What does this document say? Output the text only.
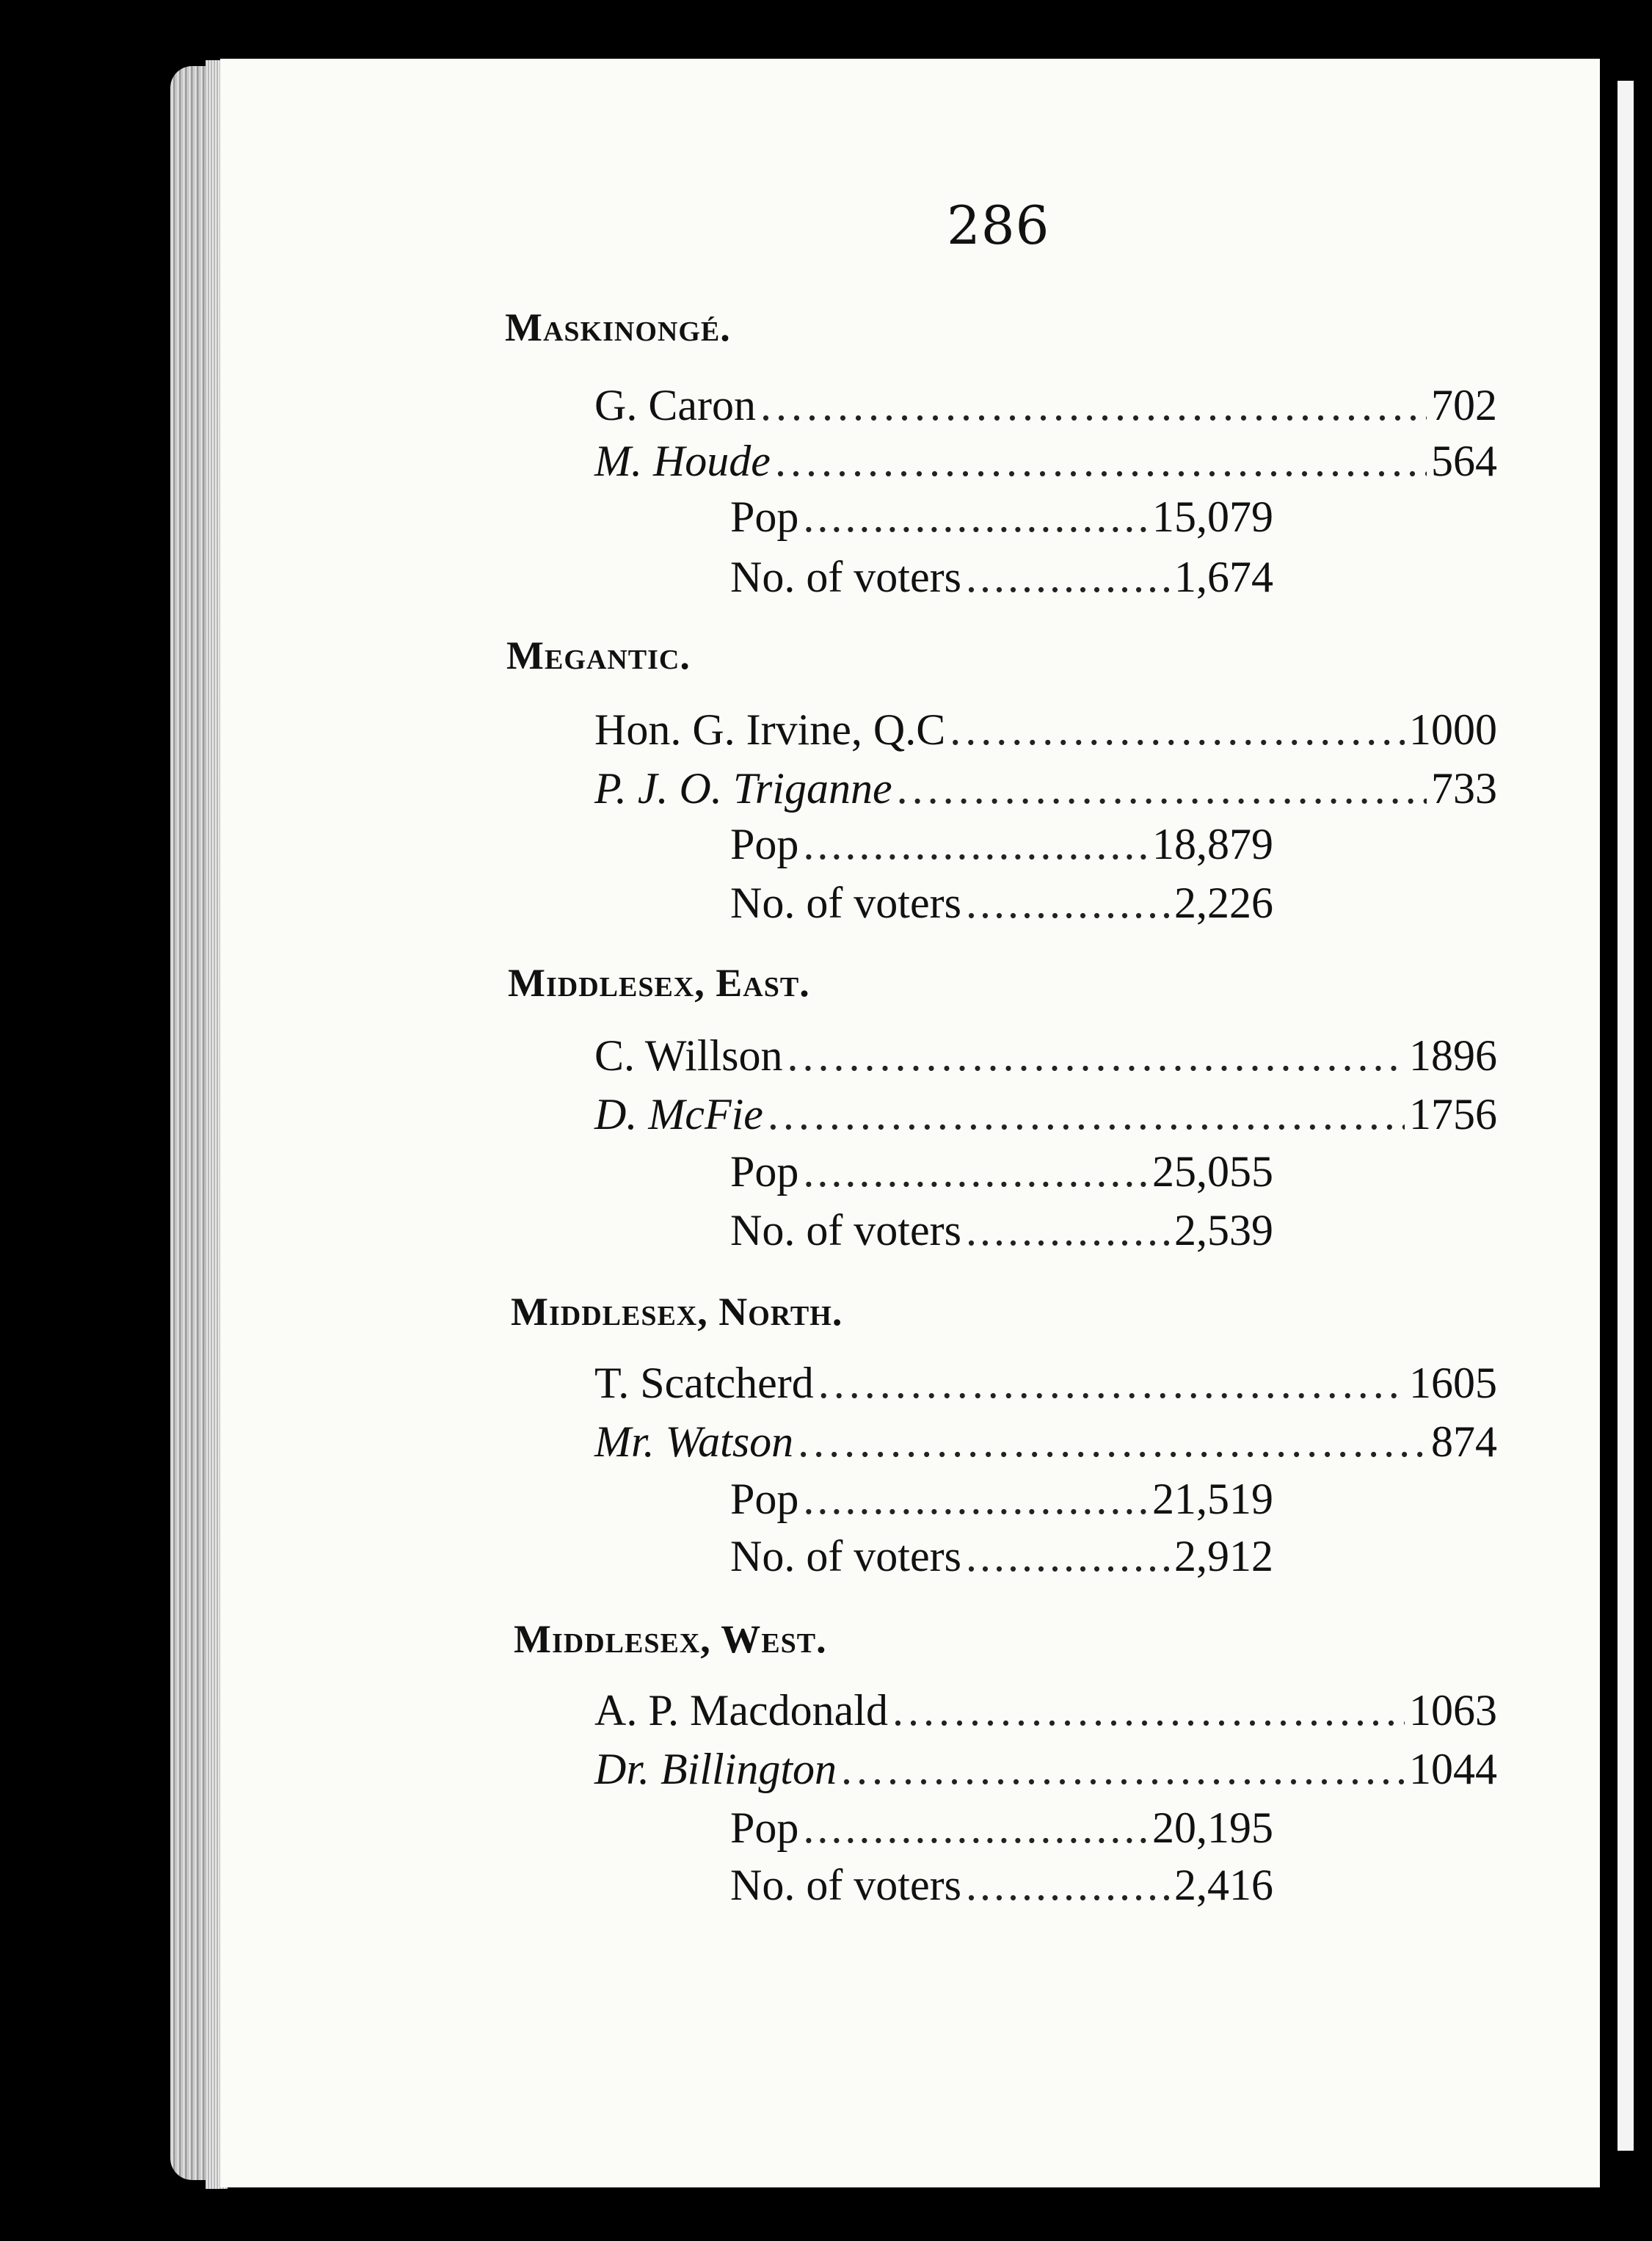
286
Maskinongé.
G. Caron .....	702
M. Houde .....	564
Pop .....	15,079
No. of voters .....	1,674
Megantic.
Hon. G. Irvine, Q.C .....	1000
P. J. O. Triganne .....	733
Pop .....	18,879
No. of voters .....	2,226
Middlesex, East.
C. Willson .....	1896
D. McFie .....	1756
Pop .....	25,055
No. of voters .....	2,539
Middlesex, North.
T. Scatcherd .....	1605
Mr. Watson .....	874
Pop .....	21,519
No. of voters .....	2,912
Middlesex, West.
A. P. Macdonald .....	1063
Dr. Billington .....	1044
Pop .....	20,195
No. of voters .....	2,416
